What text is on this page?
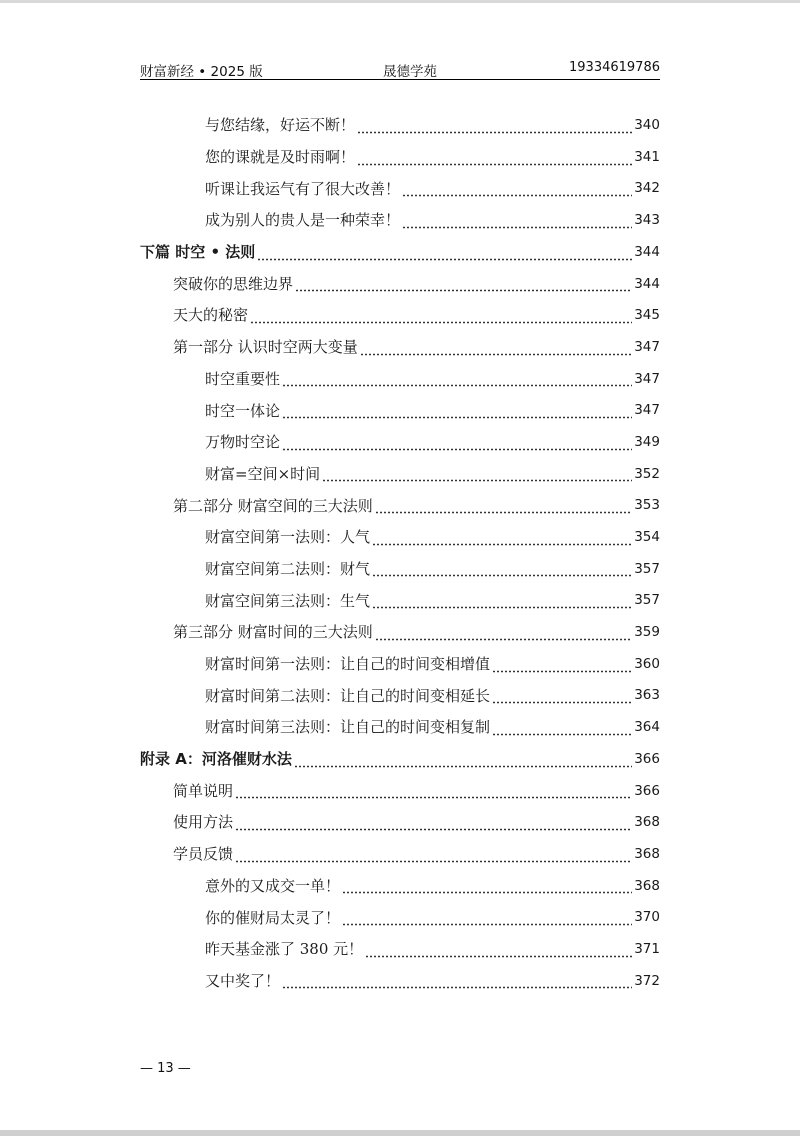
财富新经 • 2025 版	晟德学苑	19334619786
与您结缘，好运不断！	340
您的课就是及时雨啊！	341
听课让我运气有了很大改善！	342
成为别人的贵人是一种荣幸！	343
下篇 时空 • 法则	344
突破你的思维边界	344
天大的秘密	345
第一部分 认识时空两大变量	347
时空重要性	347
时空一体论	347
万物时空论	349
财富=空间×时间	352
第二部分 财富空间的三大法则	353
财富空间第一法则：人气	354
财富空间第二法则：财气	357
财富空间第三法则：生气	357
第三部分 财富时间的三大法则	359
财富时间第一法则：让自己的时间变相增值	360
财富时间第二法则：让自己的时间变相延长	363
财富时间第三法则：让自己的时间变相复制	364
附录 A：河洛催财水法	366
简单说明	366
使用方法	368
学员反馈	368
意外的又成交一单！	368
你的催财局太灵了！	370
昨天基金涨了 380 元！	371
又中奖了！	372
— 13 —
